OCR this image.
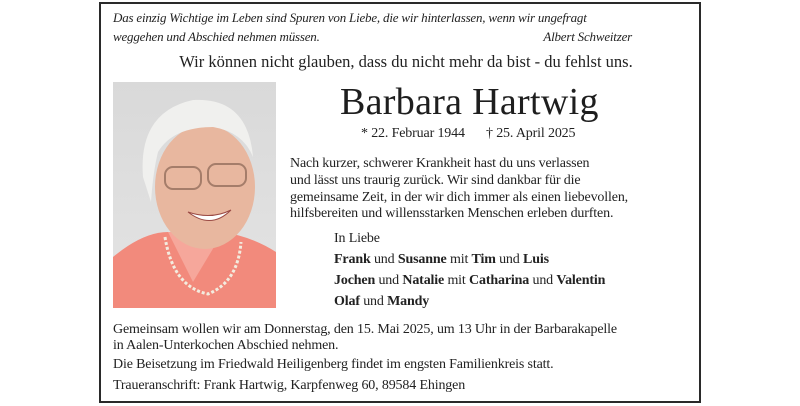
Das einzig Wichtige im Leben sind Spuren von Liebe, die wir hinterlassen, wenn wir ungefragt
weggehen und Abschied nehmen müssen.	Albert Schweitzer
Wir können nicht glauben, dass du nicht mehr da bist - du fehlst uns.
Barbara Hartwig
* 22. Februar 1944 † 25. April 2025
Nach kurzer, schwerer Krankheit hast du uns verlassen
und lässt uns traurig zurück. Wir sind dankbar für die
gemeinsame Zeit, in der wir dich immer als einen liebevollen,
hilfsbereiten und willensstarken Menschen erleben durften.
In Liebe
Frank und Susanne mit Tim und Luis
Jochen und Natalie mit Catharina und Valentin
Olaf und Mandy
Gemeinsam wollen wir am Donnerstag, den 15. Mai 2025, um 13 Uhr in der Barbarakapelle
in Aalen-Unterkochen Abschied nehmen.
Die Beisetzung im Friedwald Heiligenberg findet im engsten Familienkreis statt.
Traueranschrift: Frank Hartwig, Karpfenweg 60, 89584 Ehingen
